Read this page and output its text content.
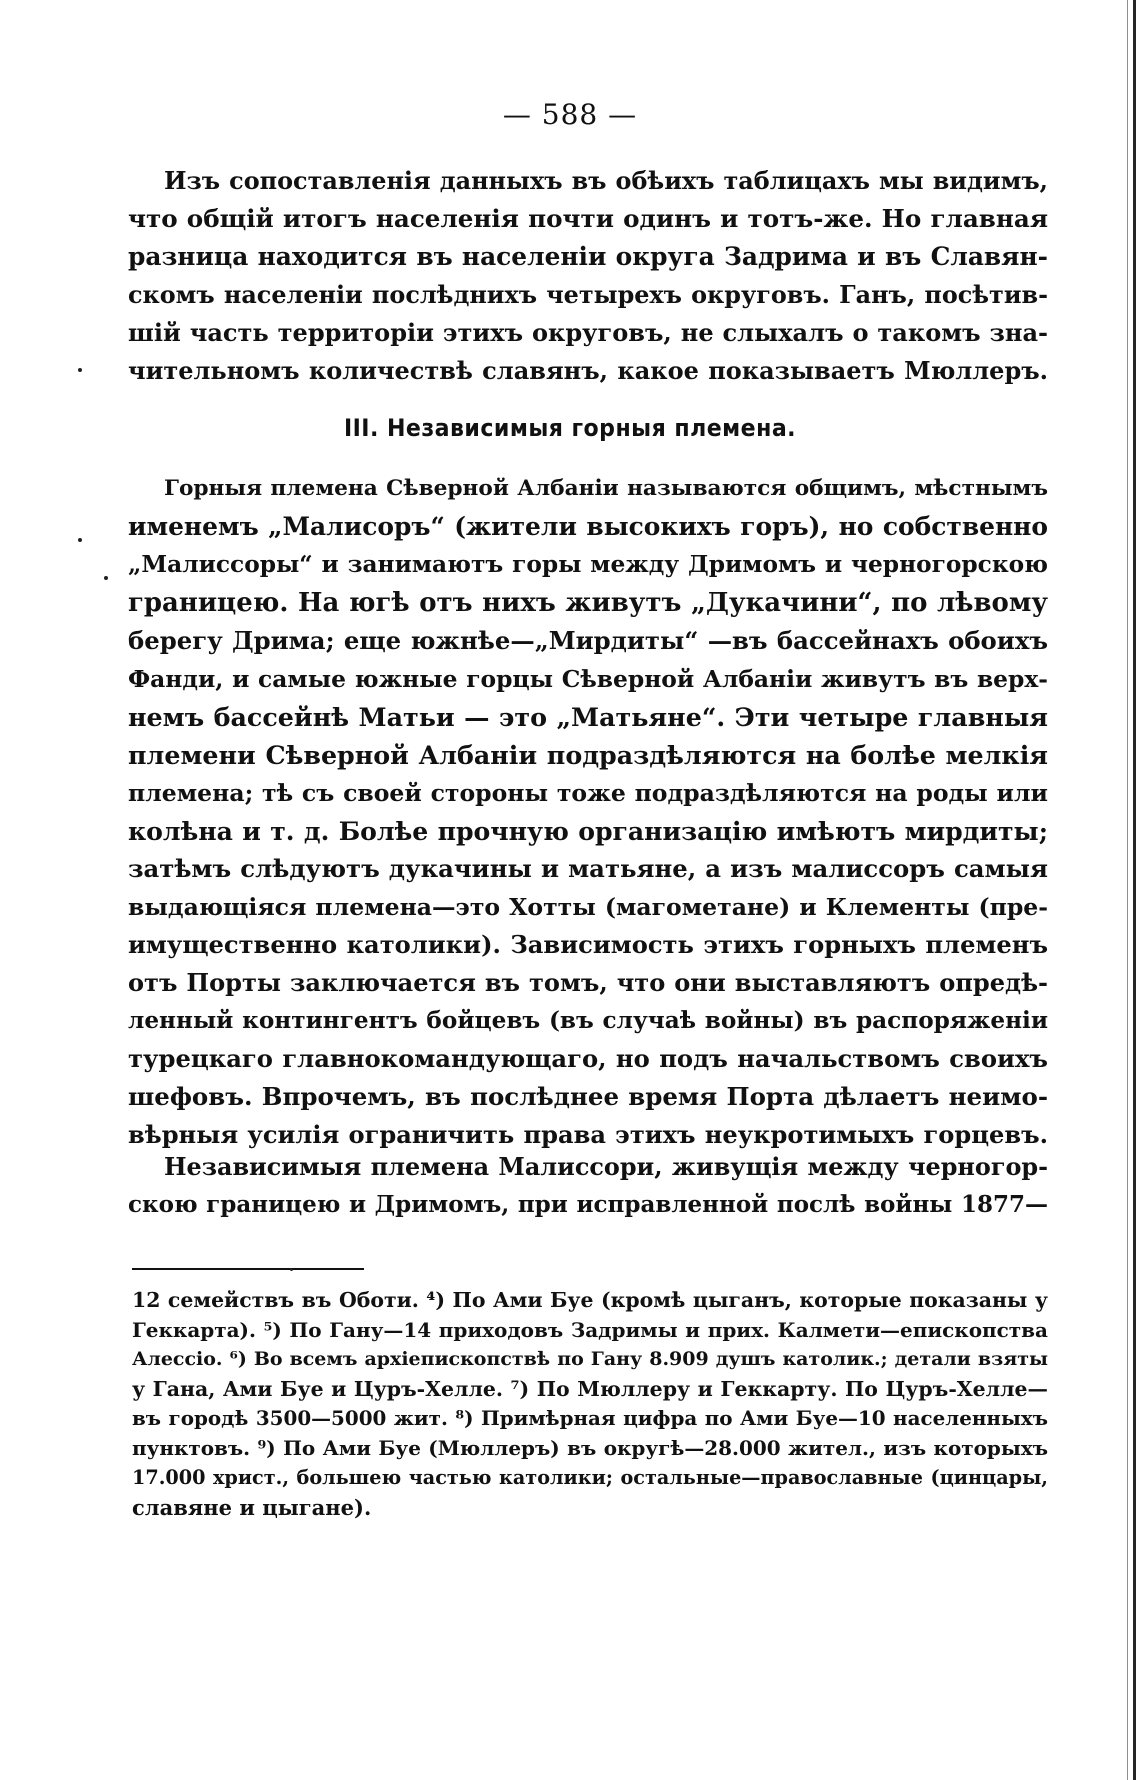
— 588 —
Изъ сопоставленія данныхъ въ обѣихъ таблицахъ мы видимъ,
что общій итогъ населенія почти одинъ и тотъ-же. Но главная
разница находится въ населеніи округа Задрима и въ Славян-
скомъ населеніи послѣднихъ четырехъ округовъ. Ганъ, посѣтив-
шій часть территоріи этихъ округовъ, не слыхалъ о такомъ зна-
чительномъ количествѣ славянъ, какое показываетъ Мюллеръ.
III. Независимыя горныя племена.
Горныя племена Сѣверной Албаніи называются общимъ, мѣстнымъ
именемъ „Малисоръ“ (жители высокихъ горъ), но собственно
„Малиссоры“ и занимаютъ горы между Дримомъ и черногорскою
границею. На югѣ отъ нихъ живутъ „Дукачини“, по лѣвому
берегу Дрима; еще южнѣе—„Мирдиты“ —въ бассейнахъ обоихъ
Фанди, и самые южные горцы Сѣверной Албаніи живутъ въ верх-
немъ бассейнѣ Матьи — это „Матьяне“. Эти четыре главныя
племени Сѣверной Албаніи подраздѣляются на болѣе мелкія
племена; тѣ съ своей стороны тоже подраздѣляются на роды или
колѣна и т. д. Болѣе прочную организацію имѣютъ мирдиты;
затѣмъ слѣдуютъ дукачины и матьяне, а изъ малиссоръ самыя
выдающіяся племена—это Хотты (магометане) и Клементы (пре-
имущественно католики). Зависимость этихъ горныхъ племенъ
отъ Порты заключается въ томъ, что они выставляютъ опредѣ-
ленный контингентъ бойцевъ (въ случаѣ войны) въ распоряженіи
турецкаго главнокомандующаго, но подъ начальствомъ своихъ
шефовъ. Впрочемъ, въ послѣднее время Порта дѣлаетъ неимо-
вѣрныя усилія ограничить права этихъ неукротимыхъ горцевъ.
Независимыя племена Малиссори, живущія между черногор-
скою границею и Дримомъ, при исправленной послѣ войны 1877—
12 семействъ въ Оботи. ⁴) По Ами Буе (кромѣ цыганъ, которые показаны у
Геккарта). ⁵) По Гану—14 приходовъ Задримы и прих. Калмети—епископства
Алессіо. ⁶) Во всемъ архіепископствѣ по Гану 8.909 душъ католик.; детали взяты
у Гана, Ами Буе и Цуръ-Хелле. ⁷) По Мюллеру и Геккарту. По Цуръ-Хелле—
въ городѣ 3500—5000 жит. ⁸) Примѣрная цифра по Ами Буе—10 населенныхъ
пунктовъ. ⁹) По Ами Буе (Мюллеръ) въ округѣ—28.000 жител., изъ которыхъ
17.000 христ., большею частью католики; остальные—православные (цинцары,
славяне и цыгане).
